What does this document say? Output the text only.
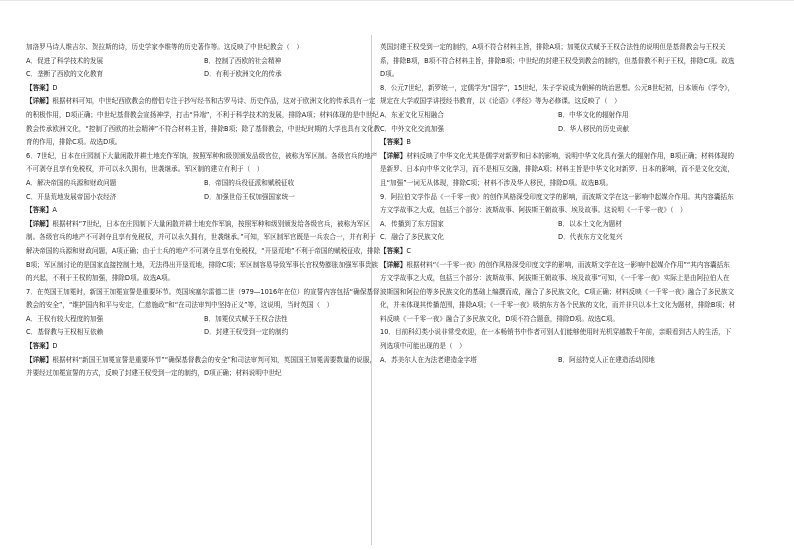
加洛罗马诗人维吉尔、贺拉斯的诗，历史学家李维等的历史著作等。这反映了中世纪教会（　）

A．促进了科学技术的发展	B．控制了西欧的社会精神
C．垄断了西欧的文化教育	D．有利于欧洲文化的传承

【答案】D

【详解】根据材料可知，中世纪西欧教会的僧侣专注于抄写经书和古罗马诗、历史作品，这对于欧洲文化的传承具有一定的积极作用，D项正确；中世纪基督教会宣扬神学，打击“异端”，不利于科学技术的发展，排除A项；材料体现的是中世纪教会传承欧洲文化，“控制了西欧的社会精神”不符合材料主旨，排除B项；除了基督教会，中世纪时期的大学也具有文化教育的作用，排除C项。故选D项。

6．7世纪，日本在庄园制下大量闲散并耕土地充作军饷，按照军种和级别颁发品级官位，被称为军区制。各级官兵的地产不可剥夺且享有免税权，并可以永久拥有，世袭继承。军区制的建立有利于（　）

A．解决帝国的兵源和财政问题	B．帝国的兵役征派和赋税征收
C．开垦荒地发展帝国小农经济	D．加强世俗王权加强国家统一

【答案】A

【详解】根据材料“7世纪，日本在庄园制下大量闲散并耕土地充作军饷，按照军种和级别颁发给各级官兵，被称为军区制。各级官兵的地产不可剥夺且享有免税权，并可以永久拥有，世袭继承。”可知，军区制军官既是一兵农合一，并有利于解决帝国的兵源和财政问题，A项正确；由于士兵的地产不可剥夺且享有免税权，“开垦荒地”不利于帝国的赋税征收，排除B项；军区制讨论的是国家直接控制土地，无法得出开垦荒地，排除C项；军区制容易导致军事长官权势膨胀加强军事贵族的兴起，不利于王权的加强，排除D项。故选A项。

7．在英国王加冕时，新国王加冕宣誓是重要环节。英国埃塞尔雷德二世（979—1016年在位）的宣誓内容包括“确保基督教会的安全”，“维护国内和平与安定，仁慈施政”和“在司法审判中坚持正义”等，这说明，当时英国（　）

A．王权有较大程度的加强	B．加冕仪式赋予王权合法性
C．基督教与王权相互依赖	D．封建王权受到一定的制约

【答案】D

【详解】根据材料“新国王加冕宣誓是重要环节”“确保基督教会的安全”和司法审判可知，英国国王加冕需要数量的说服，并要经过加冕宣誓的方式，反映了封建王权受到一定的制约，D项正确；材料说明中世纪

英国封建王权受到一定的制约，A项不符合材料主旨，排除A项；加冕仪式赋予王权合法性的说明但是基督教会与王权关系，排除B项，B项不符合材料主旨，排除B项；中世纪的封建王权受到教会的制约，但基督教不利于王权，排除C项。故选D项。

8．公元7世纪，新罗统一，定儒学为“国学”，15世纪，朱子学说成为朝鲜的统治思想。公元8世纪初，日本颁布《学令》，规定在大学或国学讲授经书教育，以《论语》《孝经》等为必修课。这反映了（　）

A．东亚文化互相融合	B．中华文化的辐射作用
C．中外文化交流加强	D．华人移民的历史贡献

【答案】B

【详解】材料反映了中华文化尤其是儒学对新罗和日本的影响，说明中华文化具有强大的辐射作用，B项正确；材料体现的是新罗、日本向中华文化学习，而不是相互交融，排除A项；材料主旨是中华文化对新罗、日本的影响，而不是文化交流，且“加强”一词无从体现，排除C项；材料不涉及华人移民，排除D项。故选B项。

9．阿拉伯文学作品《一千零一夜》的创作风格深受印度文学的影响，而波斯文学在这一影响中起媒介作用。其内容囊括东方文学故事之大成，包括三个部分：波斯故事、阿拔斯王朝故事、埃及故事。这说明《一千零一夜》（　）

A．传播到了东方国家	B．以本土文化为题材
C．融合了多民族文化	D．代表东方文化复兴

【答案】C

【详解】根据材料“《一千零一夜》的创作风格深受印度文学的影响，而波斯文学在这一影响中起媒介作用”“其内容囊括东方文学故事之大成，包括三个部分：波斯故事、阿拔斯王朝故事、埃及故事”可知，《一千零一夜》实际上是由阿拉伯人在波斯国和阿拉伯等多民族文化的基础上编撰而成，融合了多民族文化，C项正确；材料反映《一千零一夜》融合了多民族文化，并未体现其传播范围，排除A项；《一千零一夜》吸纳东方各个民族的文化，而并非只以本土文化为题材，排除B项；材料反映《一千零一夜》融合了多民族文化，D项不符合题意，排除D项。故选C项。

10．目前科幻类小说非常受欢迎，在一本畅销书中作者可别人们能够使用时光机穿越数千年前，亲眼看到古人的生活，下列选项中可能出现的是（　）

A．苏美尔人在为法老建造金字塔	B．阿兹特克人正在建造活动园地
